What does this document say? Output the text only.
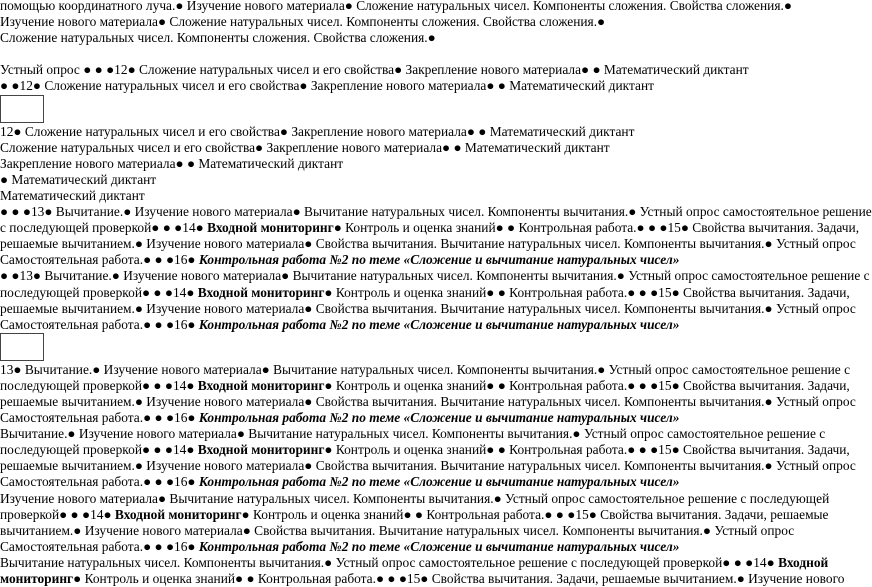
помощью координатного луча.● Изучение нового материала● Сложение натуральных чисел. Компоненты сложения. Свойства сложения.●
Изучение нового материала● Сложение натуральных чисел. Компоненты сложения. Свойства сложения.●
Сложение натуральных чисел. Компоненты сложения. Свойства сложения.●
Устный опрос ● ● ●12● Сложение натуральных чисел и его свойства● Закрепление нового материала● ● Математический диктант
● ●12● Сложение натуральных чисел и его свойства● Закрепление нового материала● ● Математический диктант
12● Сложение натуральных чисел и его свойства● Закрепление нового материала● ● Математический диктант
Сложение натуральных чисел и его свойства● Закрепление нового материала● ● Математический диктант
Закрепление нового материала● ● Математический диктант
● Математический диктант
Математический диктант
● ● ●13● Вычитание.● Изучение нового материала● Вычитание натуральных чисел. Компоненты вычитания.● Устный опрос самостоятельное решение
с последующей проверкой● ● ●14● Входной мониторинг● Контроль и оценка знаний● ● Контрольная работа.● ● ●15● Свойства вычитания. Задачи,
решаемые вычитанием.● Изучение нового материала● Свойства вычитания. Вычитание натуральных чисел. Компоненты вычитания.● Устный опрос
Самостоятельная работа.● ● ●16● Контрольная работа №2 по теме «Сложение и вычитание натуральных чисел»
● ●13● Вычитание.● Изучение нового материала● Вычитание натуральных чисел. Компоненты вычитания.● Устный опрос самостоятельное решение с
последующей проверкой● ● ●14● Входной мониторинг● Контроль и оценка знаний● ● Контрольная работа.● ● ●15● Свойства вычитания. Задачи,
решаемые вычитанием.● Изучение нового материала● Свойства вычитания. Вычитание натуральных чисел. Компоненты вычитания.● Устный опрос
Самостоятельная работа.● ● ●16● Контрольная работа №2 по теме «Сложение и вычитание натуральных чисел»
13● Вычитание.● Изучение нового материала● Вычитание натуральных чисел. Компоненты вычитания.● Устный опрос самостоятельное решение с
последующей проверкой● ● ●14● Входной мониторинг● Контроль и оценка знаний● ● Контрольная работа.● ● ●15● Свойства вычитания. Задачи,
решаемые вычитанием.● Изучение нового материала● Свойства вычитания. Вычитание натуральных чисел. Компоненты вычитания.● Устный опрос
Самостоятельная работа.● ● ●16● Контрольная работа №2 по теме «Сложение и вычитание натуральных чисел»
Вычитание.● Изучение нового материала● Вычитание натуральных чисел. Компоненты вычитания.● Устный опрос самостоятельное решение с
последующей проверкой● ● ●14● Входной мониторинг● Контроль и оценка знаний● ● Контрольная работа.● ● ●15● Свойства вычитания. Задачи,
решаемые вычитанием.● Изучение нового материала● Свойства вычитания. Вычитание натуральных чисел. Компоненты вычитания.● Устный опрос
Самостоятельная работа.● ● ●16● Контрольная работа №2 по теме «Сложение и вычитание натуральных чисел»
Изучение нового материала● Вычитание натуральных чисел. Компоненты вычитания.● Устный опрос самостоятельное решение с последующей
проверкой● ● ●14● Входной мониторинг● Контроль и оценка знаний● ● Контрольная работа.● ● ●15● Свойства вычитания. Задачи, решаемые
вычитанием.● Изучение нового материала● Свойства вычитания. Вычитание натуральных чисел. Компоненты вычитания.● Устный опрос
Самостоятельная работа.● ● ●16● Контрольная работа №2 по теме «Сложение и вычитание натуральных чисел»
Вычитание натуральных чисел. Компоненты вычитания.● Устный опрос самостоятельное решение с последующей проверкой● ● ●14● Входной
мониторинг● Контроль и оценка знаний● ● Контрольная работа.● ● ●15● Свойства вычитания. Задачи, решаемые вычитанием.● Изучение нового
